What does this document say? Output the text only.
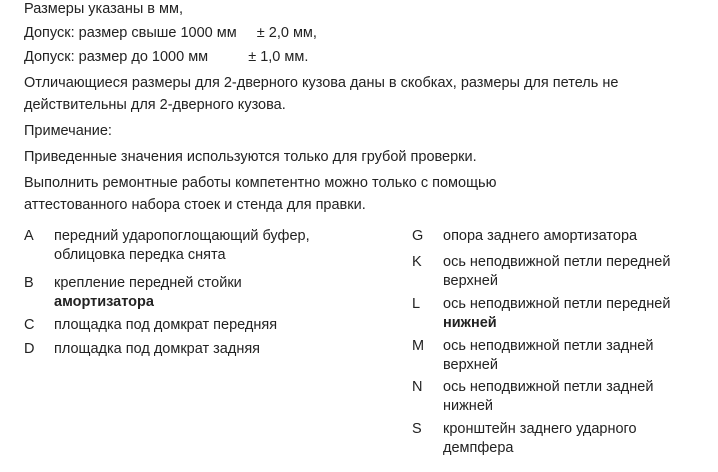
Размеры указаны в мм,
Допуск: размер свыше 1000 мм ± 2,0 мм,
Допуск: размер до 1000 мм	± 1,0 мм.
Отличающиеся размеры для 2-дверного кузова даны в скобках, размеры для петель не
действительны для 2-дверного кузова.
Примечание:
Приведенные значения используются только для грубой проверки.
Выполнить ремонтные работы компетентно можно только с помощью
аттестованного набора стоек и стенда для правки.
A передний удaропоглощающий буфер,
облицовка передка снята
B крепление передней стойки
амортизатора
C площадка под домкрат передняя
D площадка под домкрат задняя
G опора заднего амортизатора
K ось неподвижной петли передней
верхней
L ось неподвижной петли передней
нижней
M ось неподвижной петли задней
верхней
N ось неподвижной петли задней
нижней
S кронштейн заднего ударного
демпфера
